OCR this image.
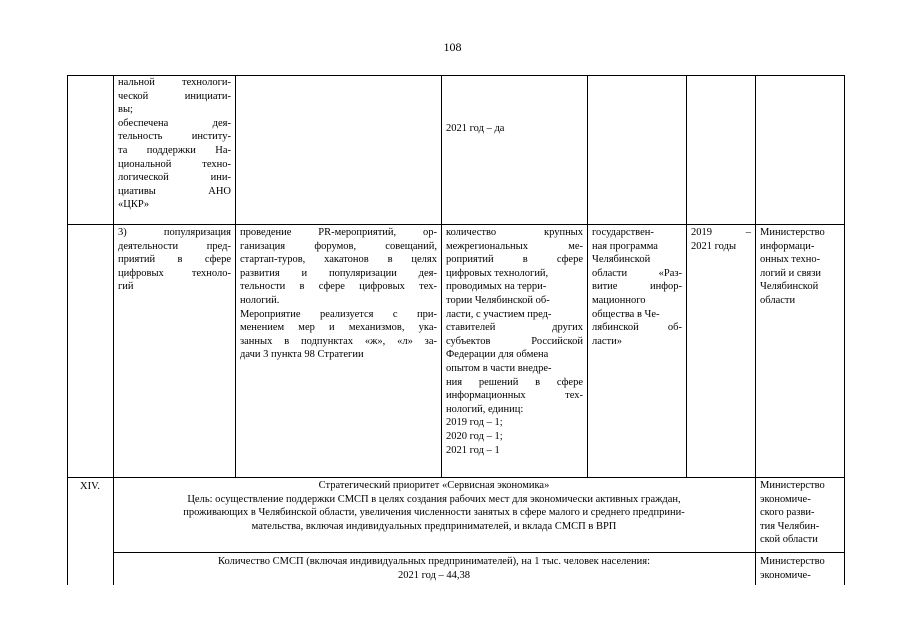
108
нальной технологи-
ческой инициати-
вы;
обеспечена дея-
тельность институ-
та поддержки На-
циональной техно-
логической ини-
циативы АНО
«ЦКР»
2021 год – да
3) популяризация
деятельности пред-
приятий в сфере
цифровых техноло-
гий
проведение PR-мероприятий, ор-
ганизация форумов, совещаний,
стартап-туров, хакатонов в целях
развития и популяризации дея-
тельности в сфере цифровых тех-
нологий.
Мероприятие реализуется с при-
менением мер и механизмов, ука-
занных в подпунктах «ж», «л» за-
дачи 3 пункта 98 Стратегии
количество крупных
межрегиональных ме-
роприятий в сфере
цифровых технологий,
проводимых на терри-
тории Челябинской об-
ласти, с участием пред-
ставителей других
субъектов Российской
Федерации для обмена
опытом в части внедре-
ния решений в сфере
информационных тех-
нологий, единиц:
2019 год – 1;
2020 год – 1;
2021 год – 1
государствен-
ная программа
Челябинской
области «Раз-
витие инфор-
мационного
общества в Че-
лябинской об-
ласти»
2019 –
2021 годы
Министерство
информаци-
онных техно-
логий и связи
Челябинской
области
XIV.	Стратегический приоритет «Сервисная экономика»
Цель: осуществление поддержки СМСП в целях создания рабочих мест для экономически активных граждан,
проживающих в Челябинской области, увеличения численности занятых в сфере малого и среднего предприни-
мательства, включая индивидуальных предпринимателей, и вклада СМСП в ВРП
Министерство
экономиче-
ского разви-
тия Челябин-
ской области
Количество СМСП (включая индивидуальных предпринимателей), на 1 тыс. человек населения:
2021 год – 44,38
Министерство
экономиче-
